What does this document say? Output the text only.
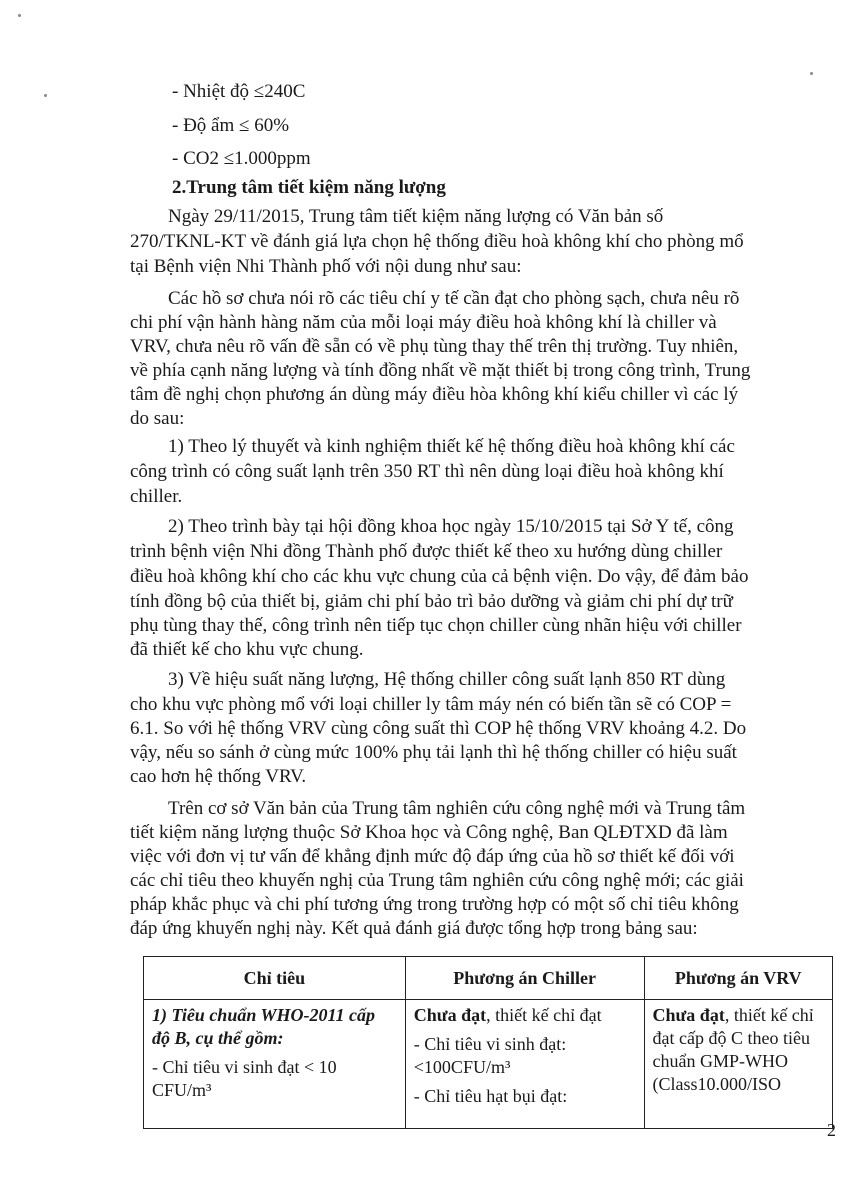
- Nhiệt độ ≤240C
- Độ ẩm ≤ 60%
- CO2 ≤1.000ppm
2.Trung tâm tiết kiệm năng lượng
Ngày 29/11/2015, Trung tâm tiết kiệm năng lượng có Văn bản số
270/TKNL-KT về đánh giá lựa chọn hệ thống điều hoà không khí cho phòng mổ
tại Bệnh viện Nhi Thành phố với nội dung như sau:
Các hồ sơ chưa nói rõ các tiêu chí y tế cần đạt cho phòng sạch, chưa nêu rõ
chi phí vận hành hàng năm của mỗi loại máy điều hoà không khí là chiller và
VRV, chưa nêu rõ vấn đề sẵn có về phụ tùng thay thế trên thị trường. Tuy nhiên,
về phía cạnh năng lượng và tính đồng nhất về mặt thiết bị trong công trình, Trung
tâm đề nghị chọn phương án dùng máy điều hòa không khí kiểu chiller vì các lý
do sau:
1) Theo lý thuyết và kinh nghiệm thiết kế hệ thống điều hoà không khí các
công trình có công suất lạnh trên 350 RT thì nên dùng loại điều hoà không khí
chiller.
2) Theo trình bày tại hội đồng khoa học ngày 15/10/2015 tại Sở Y tế, công
trình bệnh viện Nhi đồng Thành phố được thiết kế theo xu hướng dùng chiller
điều hoà không khí cho các khu vực chung của cả bệnh viện. Do vậy, để đảm bảo
tính đồng bộ của thiết bị, giảm chi phí bảo trì bảo dưỡng và giảm chi phí dự trữ
phụ tùng thay thế, công trình nên tiếp tục chọn chiller cùng nhãn hiệu với chiller
đã thiết kế cho khu vực chung.
3) Về hiệu suất năng lượng, Hệ thống chiller công suất lạnh 850 RT dùng
cho khu vực phòng mổ với loại chiller ly tâm máy nén có biến tần sẽ có COP =
6.1. So với hệ thống VRV cùng công suất thì COP hệ thống VRV khoảng 4.2. Do
vậy, nếu so sánh ở cùng mức 100% phụ tải lạnh thì hệ thống chiller có hiệu suất
cao hơn hệ thống VRV.
Trên cơ sở Văn bản của Trung tâm nghiên cứu công nghệ mới và Trung tâm
tiết kiệm năng lượng thuộc Sở Khoa học và Công nghệ, Ban QLĐTXD đã làm
việc với đơn vị tư vấn để khẳng định mức độ đáp ứng của hồ sơ thiết kế đối với
các chỉ tiêu theo khuyến nghị của Trung tâm nghiên cứu công nghệ mới; các giải
pháp khắc phục và chi phí tương ứng trong trường hợp có một số chỉ tiêu không
đáp ứng khuyến nghị này. Kết quả đánh giá được tổng hợp trong bảng sau:
Chỉ tiêu	Phương án Chiller	Phương án VRV

1) Tiêu chuẩn WHO-2011 cấp độ B, cụ thể gồm:
- Chỉ tiêu vi sinh đạt < 10 CFU/m³	Chưa đạt, thiết kế chỉ đạt
- Chỉ tiêu vi sinh đạt: <100CFU/m³
- Chỉ tiêu hạt bụi đạt:	Chưa đạt, thiết kế chỉ đạt cấp độ C theo tiêu chuẩn GMP-WHO (Class10.000/ISO
2
